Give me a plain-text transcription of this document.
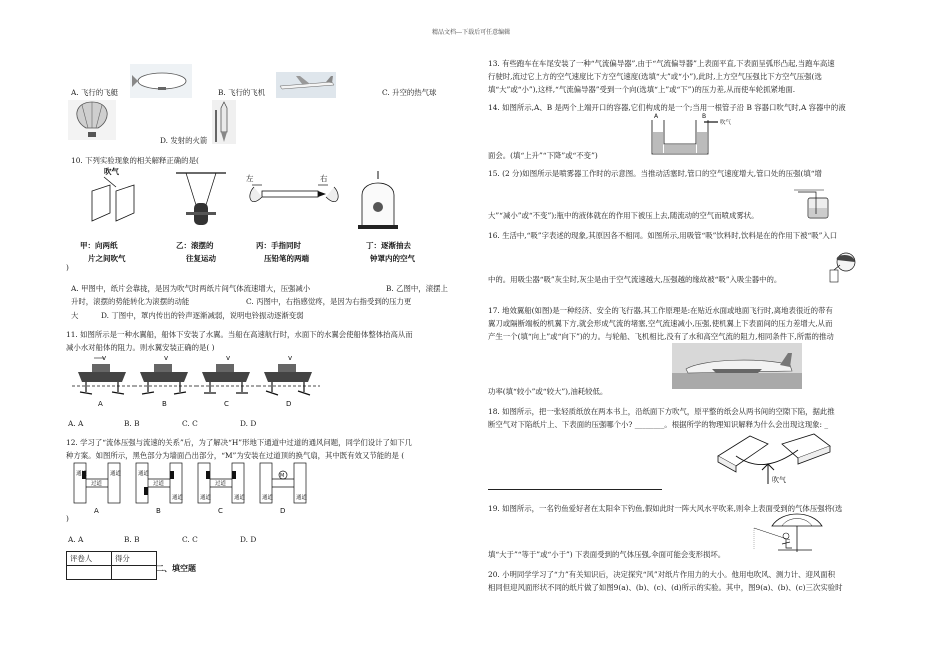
精品文档---下载后可任意编辑
A. 飞行的飞艇	B. 飞行的飞机	C. 升空的热气球
D. 发射的火箭
10. 下列实验现象的相关解释正确的是(
吹气
甲：向两纸
片之间吹气
乙：滚摆的
往复运动
左	右
丙：手指同时
压铅笔的两端
丁：逐渐抽去
钟罩内的空气
)
A. 甲图中，纸片会靠拢，是因为吹气时两纸片间气体流速增大，压强减小	B. 乙图中，滚摆上
升时，滚摆的势能转化为滚摆的动能	C. 丙图中，右指感觉疼，是因为右指受到的压力更
大	D. 丁图中，罩内传出的铃声逐渐减弱，说明电铃振动逐渐变弱
11. 如图所示是一种水翼船，船体下安装了水翼。当船在高速航行时，水面下的水翼会使船体整体抬高从而
减小水对船体的阻力。则水翼安装正确的是( )
v
A
v
B
v
C
v
D
A. A	B. B	C. C	D. D
12. 学习了“流体压强与流速的关系”后，为了解决“H”形地下通道中过道的通风问题，同学们设计了如下几
种方案。如图所示，黑色部分为墙面凸出部分，“M”为安装在过道顶的换气扇，其中既有效又节能的是 (
通道
过道
通道
A
通道
过道
通道
B
通道
过道
通道
C
M
通道	通道
D
)
A. A	B. B	C. C	D. D
评卷人	得分

二、填空题
13. 有些跑车在车尾安装了一种“气流偏导器”,由于“气流偏导器”上表面平直,下表面呈弧形凸起,当跑车高速
行驶时,流过它上方的空气速度比下方空气速度(选填“大”或“小”),此时,上方空气压强比下方空气压强(选
填“大”或“小”),这样,“气流偏导器”受到一个向(选填“上”或“下”)的压力差,从而使车轮抓紧地面.
14. 如图所示,A、B 是两个上端开口的容器,它们构成的是一个;当用一根管子沿 B 容器口吹气时,A 容器中的液
A	B
吹气
面会。(填“上升”“下降”或“不变”)
15. (2 分)如图所示是喷雾器工作时的示意图。当推动活塞时,管口的空气速度增大,管口处的压强(填“增
大”“减小”或“不变”);瓶中的液体就在的作用下被压上去,随流动的空气而喷成雾状。
16. 生活中,“吸”字表述的现象,其原因各不相同。如图所示,用吸管“吸”饮料时,饮料是在的作用下被“吸”入口
中的。用吸尘器“吸”灰尘时,灰尘是由于空气流速越大,压强越的缘故被“吸”入吸尘器中的。
17. 地效翼船(如图)是一种经济、安全的飞行器,其工作原理是:在贴近水面或地面飞行时,离地表很近的带有
翼刀或隔断端板的机翼下方,就会形成气流的堵塞,空气流速减小,压强,使机翼上下表面间的压力差增大,从而
产生一个(填“向上”或“向下”)的力。与轮船、飞机相比,没有了水和高空气流的阻力,相同条件下,所需的推动
功率(填“较小”或“较大”),油耗较低。
18. 如图所示，把一张轻质纸放在两本书上，沿纸面下方吹气，原平整的纸会从两书间的空隙下陷，据此推
断空气对下陷纸片上、下表面的压强哪个小? ________。根据所学的物理知识解释为什么会出现这现象: _
吹气
19. 如图所示，一名钓鱼爱好者在太阳伞下钓鱼,假如此时一阵大风水平吹来,则伞上表面受到的气体压强将(选
填“大于”“等于”或“小于”) 下表面受到的气体压强,伞面可能会变形损坏。
20. 小明同学学习了“力”有关知识后，决定探究“风”对纸片作用力的大小。他用电吹风、测力计、迎风面积
相同但迎风面形状不同的纸片做了如图9(a)、(b)、(c)、(d)所示的实验。其中，图9(a)、(b)、(c)三次实验时
